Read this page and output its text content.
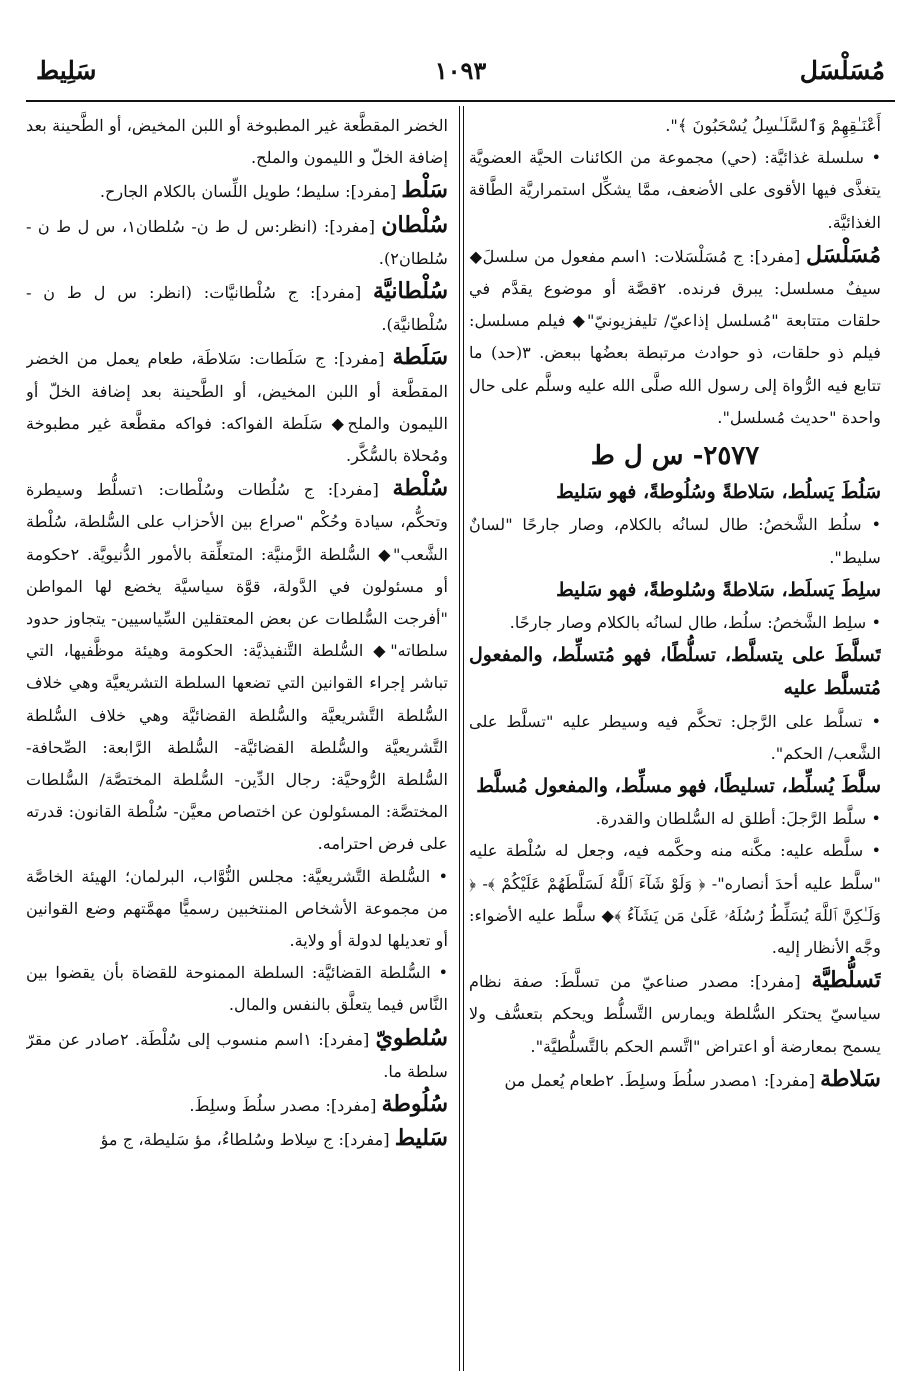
مُسَلْسَل
١٠٩٣
سَلِيط

أَعْنَـٰقِهِمْ وَٱلسَّلَـٰسِلُ يُسْحَبُونَ ﴾".

• سلسلة غذائيَّة: (حي) مجموعة من الكائنات الحيَّة العضويَّة يتغذَّى فيها الأقوى على الأضعف، ممَّا يشكِّل استمراريَّة الطَّاقة الغذائيَّة.

مُسَلْسَل [مفرد]: ج مُسَلْسَلات: ١اسم مفعول من سلسلَ◆ سيفٌ مسلسل: يبرق فرنده. ٢قصَّة أو موضوع يقدَّم في حلقات متتابعة "مُسلسل إذاعيّ/ تليفزيونيّ"◆ فيلم مسلسل: فيلم ذو حلقات، ذو حوادث مرتبطة بعضُها ببعض. ٣(حد) ما تتابع فيه الرُّواة إلى رسول الله صلَّى الله عليه وسلَّم على حال واحدة "حديث مُسلسل".

٢٥٧٧- س ل ط

سَلُطَ يَسلُط، سَلاطةً وسُلُوطةً، فهو سَليط

• سلُط الشَّخصُ: طال لسانُه بالكلام، وصار جارحًا "لسانٌ سليط".

سلِطَ يَسلَط، سَلاطةً وسُلوطةً، فهو سَليط

• سلِط الشَّخصُ: سلُط، طال لسانُه بالكلام وصار جارحًا.

تَسلَّطَ على يتسلَّط، تسلُّطًا، فهو مُتسلِّط، والمفعول مُتسلَّط عليه

• تسلَّط على الرَّجل: تحكَّم فيه وسيطر عليه "تسلَّط على الشَّعب/ الحكم".

سلَّطَ يُسلِّط، تسليطًا، فهو مسلِّط، والمفعول مُسلَّط

• سلَّط الرَّجلَ: أطلق له السُّلطان والقدرة.

• سلَّطه عليه: مكَّنه منه وحكَّمه فيه، وجعل له سُلْطة عليه "سلَّط عليه أحدَ أنصاره"- ﴿ وَلَوْ شَآءَ ٱللَّهُ لَسَلَّطَهُمْ عَلَيْكُمْ ﴾- ﴿ وَلَـٰكِنَّ ٱللَّهَ يُسَلِّطُ رُسُلَهُۥ عَلَىٰ مَن يَشَآءُ ﴾◆ سلَّط عليه الأضواء: وجَّه الأنظار إليه.

تَسلُّطيَّة [مفرد]: مصدر صناعيّ من تسلَّطَ: صفة نظام سياسيّ يحتكر السُّلطة ويمارس التَّسلُّط ويحكم بتعسُّف ولا يسمح بمعارضة أو اعتراض "اتَّسم الحكم بالتَّسلُّطيَّة".

سَلاطة [مفرد]: ١مصدر سلُطَ وسلِطَ. ٢طعام يُعمل من

الخضر المقطَّعة غير المطبوخة أو اللبن المخيض، أو الطَّحينة بعد إضافة الخلّ و الليمون والملح.

سَلْط [مفرد]: سليط؛ طويل اللِّسان بالكلام الجارح.

سُلْطان [مفرد]: (انظر:س ل ط ن- سُلطان١، س ل ط ن - سُلطان٢).

سُلْطانيَّة [مفرد]: ج سُلْطانيَّات: (انظر: س ل ط ن - سُلْطانيَّة).

سَلَطة [مفرد]: ج سَلَطات: سَلاطَة، طعام يعمل من الخضر المقطَّعة أو اللبن المخيض، أو الطَّحينة بعد إضافة الخلّ أو الليمون والملح◆ سَلَطة الفواكه: فواكه مقطَّعة غير مطبوخة ومُحلاة بالسُّكَّر.

سُلْطة [مفرد]: ج سُلُطات وسُلْطات: ١تسلُّط وسيطرة وتحكُّم، سيادة وحُكْم "صراع بين الأحزاب على السُّلطة، سُلْطة الشَّعب"◆ السُّلطة الزَّمنيَّة: المتعلِّقة بالأمور الدُّنيويَّة. ٢حكومة أو مسئولون في الدَّولة، قوَّة سياسيَّة يخضع لها المواطن "أفرجت السُّلطات عن بعض المعتقلين السِّياسيين- يتجاوز حدود سلطاته"◆ السُّلطة التَّنفيذيَّة: الحكومة وهيئة موظَّفيها، التي تباشر إجراء القوانين التي تضعها السلطة التشريعيَّة وهي خلاف السُّلطة التَّشريعيَّة والسُّلطة القضائيَّة وهي خلاف السُّلطة التَّشريعيَّة والسُّلطة القضائيَّة- السُّلطة الرَّابعة: الصِّحافة- السُّلطة الرُّوحيَّة: رجال الدِّين- السُّلطة المختصَّة/ السُّلطات المختصَّة: المسئولون عن اختصاص معيَّن- سُلْطة القانون: قدرته على فرض احترامه.

• السُّلطة التَّشريعيَّة: مجلس النُّوَّاب، البرلمان؛ الهيئة الخاصَّة من مجموعة الأشخاص المنتخبين رسميًّا مهمَّتهم وضع القوانين أو تعديلها لدولة أو ولاية.

• السُّلطة القضائيَّة: السلطة الممنوحة للقضاة بأن يقضوا بين النَّاس فيما يتعلَّق بالنفس والمال.

سُلطويّ [مفرد]: ١اسم منسوب إلى سُلْطَة. ٢صادر عن مقرّ سلطة ما.

سُلُوطة [مفرد]: مصدر سلُطَ وسلِطَ.

سَليط [مفرد]: ج سِلاط وسُلطاءُ، مؤ سَليطة، ج مؤ
